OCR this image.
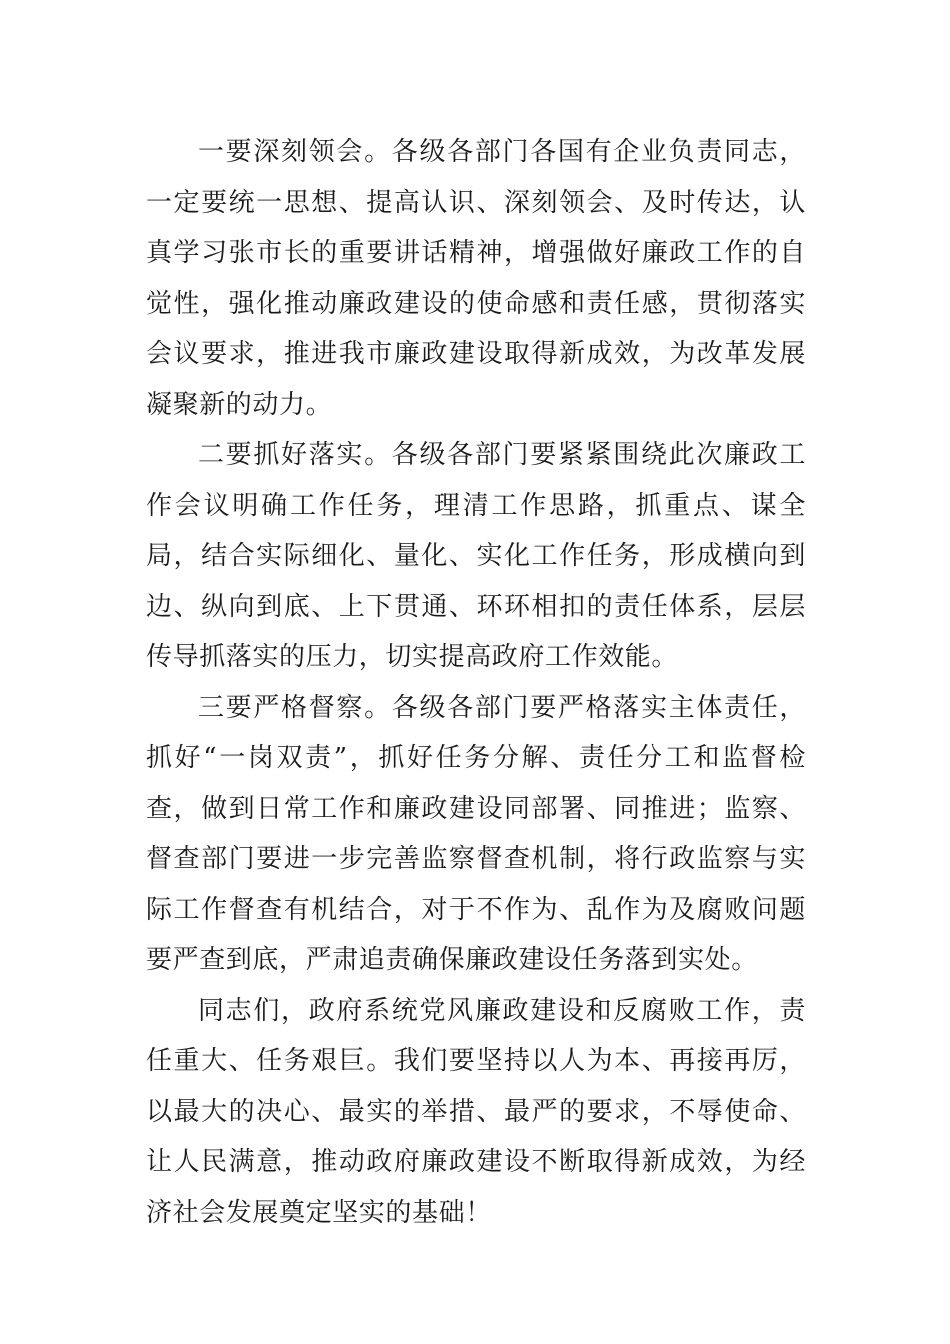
一要深刻领会。各级各部门各国有企业负责同志，一定要统一思想、提高认识、深刻领会、及时传达，认真学习张市长的重要讲话精神，增强做好廉政工作的自觉性，强化推动廉政建设的使命感和责任感，贯彻落实会议要求，推进我市廉政建设取得新成效，为改革发展凝聚新的动力。

二要抓好落实。各级各部门要紧紧围绕此次廉政工作会议明确工作任务，理清工作思路，抓重点、谋全局，结合实际细化、量化、实化工作任务，形成横向到边、纵向到底、上下贯通、环环相扣的责任体系，层层传导抓落实的压力，切实提高政府工作效能。

三要严格督察。各级各部门要严格落实主体责任，抓好“一岗双责”，抓好任务分解、责任分工和监督检查，做到日常工作和廉政建设同部署、同推进；监察、督查部门要进一步完善监察督查机制，将行政监察与实际工作督查有机结合，对于不作为、乱作为及腐败问题要严查到底，严肃追责确保廉政建设任务落到实处。

同志们，政府系统党风廉政建设和反腐败工作，责任重大、任务艰巨。我们要坚持以人为本、再接再厉，以最大的决心、最实的举措、最严的要求，不辱使命、让人民满意，推动政府廉政建设不断取得新成效，为经济社会发展奠定坚实的基础！
